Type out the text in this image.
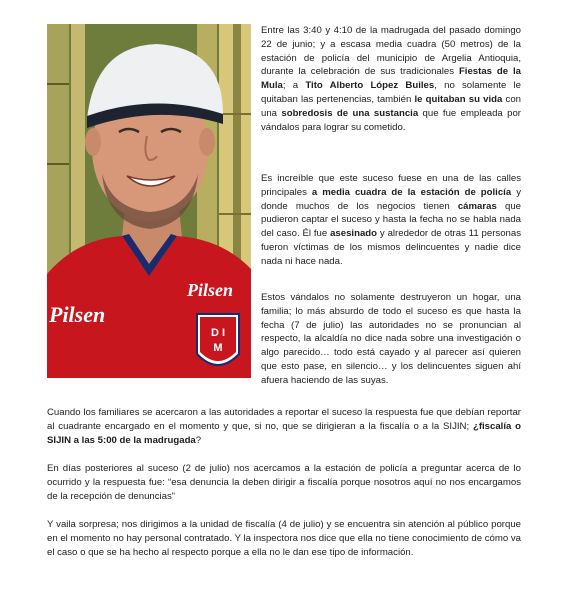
D I
M
Pilsen
Pilsen

Entre las 3:40 y 4:10 de la madrugada del pasado domingo 22 de junio; y a escasa media cuadra (50 metros) de la estación de policía del municipio de Argelia Antioquia, durante la celebración de sus tradicionales Fiestas de la Mula; a Tito Alberto López Builes, no solamente le quitaban las pertenencias, también le quitaban su vida con una sobredosis de una sustancia que fue empleada por vándalos para lograr su cometido.

Es increíble que este suceso fuese en una de las calles principales a media cuadra de la estación de policía y donde muchos de los negocios tienen cámaras que pudieron captar el suceso y hasta la fecha no se habla nada del caso. Él fue asesinado y alrededor de otras 11 personas fueron víctimas de los mismos delincuentes y nadie dice nada ni hace nada.

Estos vándalos no solamente destruyeron un hogar, una familia; lo más absurdo de todo el suceso es que hasta la fecha (7 de julio) las autoridades no se pronuncian al respecto, la alcaldía no dice nada sobre una investigación o algo parecido… todo está cayado y al parecer así quieren que esto pase, en silencio… y los delincuentes siguen ahí afuera haciendo de las suyas.

Cuando los familiares se acercaron a las autoridades a reportar el suceso la respuesta fue que debían reportar al cuadrante encargado en el momento y que, si no, que se dirigieran a la fiscalía o a la SIJIN; ¿fiscalía o SIJIN a las 5:00 de la madrugada?

En días posteriores al suceso (2 de julio) nos acercamos a la estación de policía a preguntar acerca de lo ocurrido y la respuesta fue: “esa denuncia la deben dirigir a fiscalía porque nosotros aquí no nos encargamos de la recepción de denuncias”

Y vaila sorpresa; nos dirigimos a la unidad de fiscalía (4 de julio) y se encuentra sin atención al público porque en el momento no hay personal contratado. Y la inspectora nos dice que ella no tiene conocimiento de cómo va el caso o que se ha hecho al respecto porque a ella no le dan ese tipo de información.
